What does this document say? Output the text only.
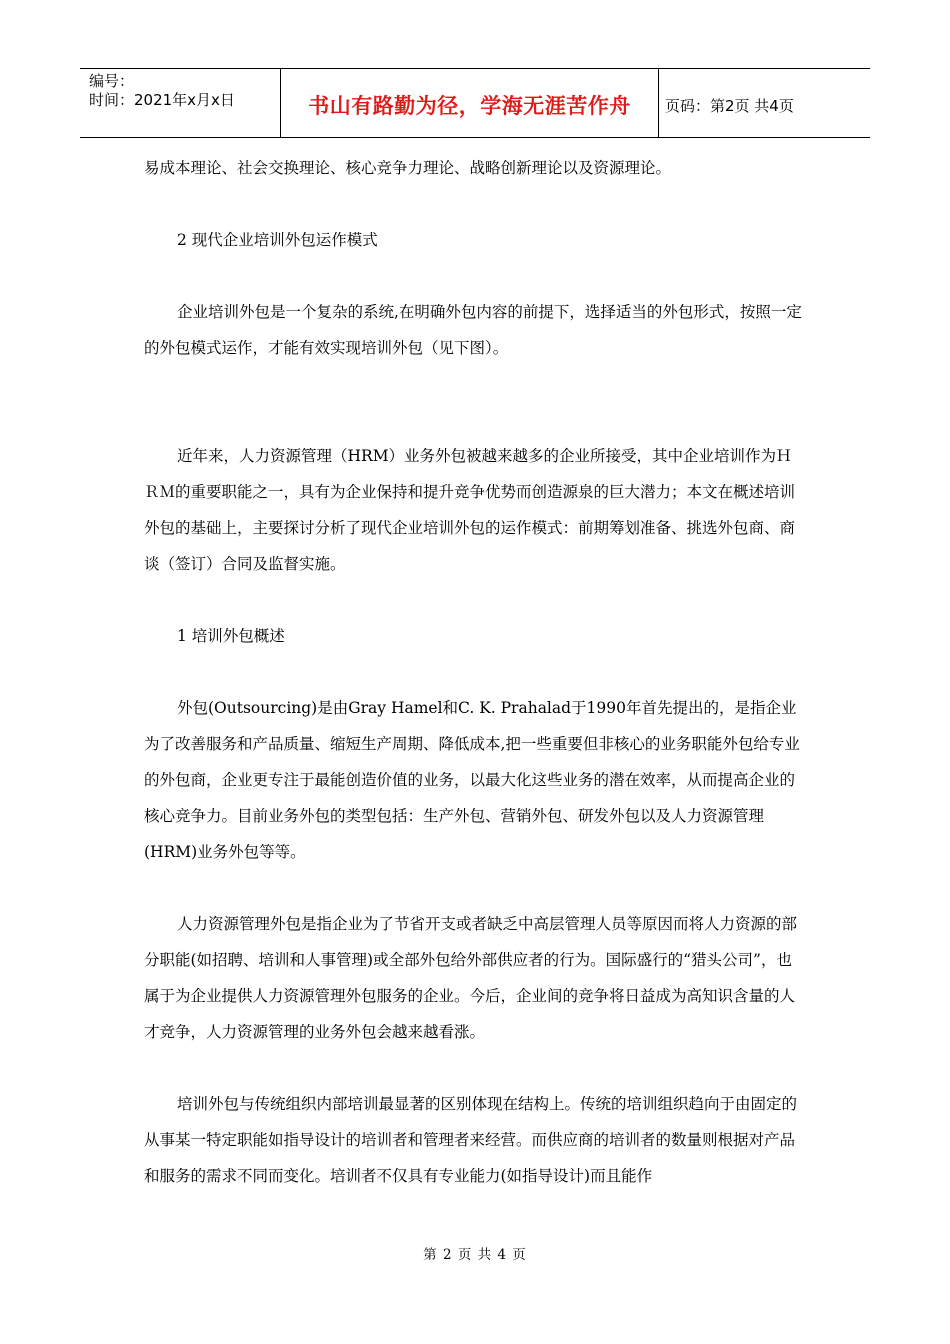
编号：
时间：2021年x月x日	书山有路勤为径，学海无涯苦作舟 页码：第2页 共4页

易成本理论、社会交换理论、核心竞争力理论、战略创新理论以及资源理论。

2 现代企业培训外包运作模式

企业培训外包是一个复杂的系统,在明确外包内容的前提下，选择适当的外包形式，按照一定的外包模式运作，才能有效实现培训外包（见下图）。

近年来，人力资源管理（HRM）业务外包被越来越多的企业所接受，其中企业培训作为ＨＲＭ的重要职能之一，具有为企业保持和提升竞争优势而创造源泉的巨大潜力；本文在概述培训外包的基础上，主要探讨分析了现代企业培训外包的运作模式：前期筹划准备、挑选外包商、商谈（签订）合同及监督实施。

1 培训外包概述

外包(Outsourcing)是由Gray Hamel和C. K. Prahalad于1990年首先提出的，是指企业为了改善服务和产品质量、缩短生产周期、降低成本,把一些重要但非核心的业务职能外包给专业的外包商，企业更专注于最能创造价值的业务，以最大化这些业务的潜在效率，从而提高企业的核心竞争力。目前业务外包的类型包括：生产外包、营销外包、研发外包以及人力资源管理(HRM)业务外包等等。

人力资源管理外包是指企业为了节省开支或者缺乏中高层管理人员等原因而将人力资源的部分职能(如招聘、培训和人事管理)或全部外包给外部供应者的行为。国际盛行的“猎头公司”，也属于为企业提供人力资源管理外包服务的企业。今后，企业间的竞争将日益成为高知识含量的人才竞争，人力资源管理的业务外包会越来越看涨。

培训外包与传统组织内部培训最显著的区别体现在结构上。传统的培训组织趋向于由固定的从事某一特定职能如指导设计的培训者和管理者来经营。而供应商的培训者的数量则根据对产品和服务的需求不同而变化。培训者不仅具有专业能力(如指导设计)而且能作

第 2 页 共 4 页
